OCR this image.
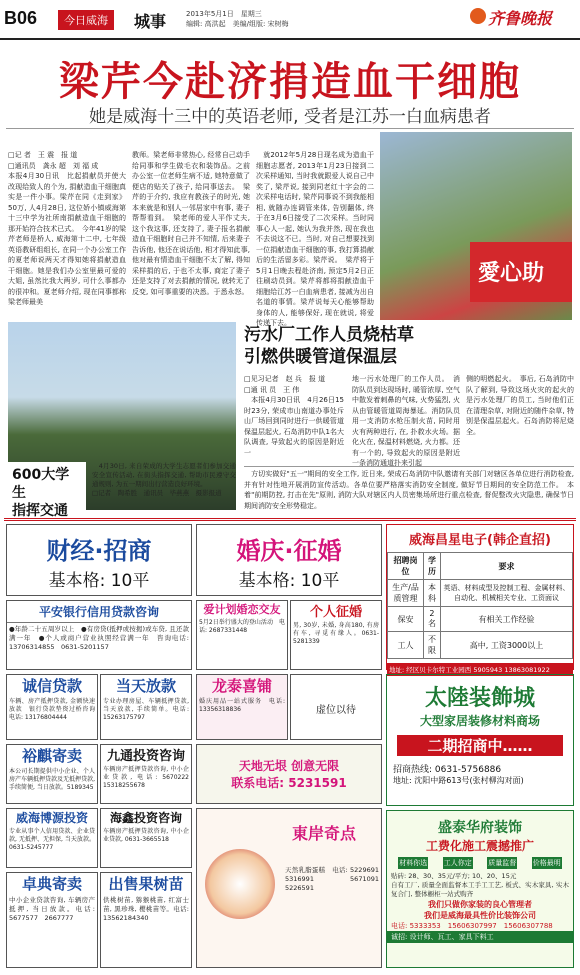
B06	今日威海	城事	2013年5月1日　星期三
编辑: 高洪起　美编/组版: 宋树梅	齐鲁晚报
梁芹今赴济捐造血干细胞
她是威海十三中的英语老师, 受者是江苏一白血病患者
□记 者　王 震　报 道
□通讯员　龚永 超　刘 福 成
本报4月30日讯　比起捐献员并使大改现给致人的个为, 捐献造血干细胞真实是一件小事。梁芹在同《走到家》50万, 人4月28日, 这位娇小镇威海第十三中学为社所南捐献造血干细胞的那开始符合技术已式。　今年41岁的梁芹老师是桥人, 威海第十二中, 七年级英语教研组组长, 在同一个办公室工作的夏老师说两天才得知她将捐献造血干细胞。她是我们办公室里最可爱的大姐, 虽然比我大两岁, 可什么事都办的很冲和。夏老师介绍, 现在同事都称梁老师最美
教师。梁老师非常热心, 经常自己动手给同事和学生做毛衣和装饰品。之前办公室一位老师生病不适, 她特意做了便店的贴关了孩子, 给同事送去。　梁芹的于介约, 我应有教孩子的时光, 她本来就是和别人一邻居家中有事, 妻子帮帮看到。　梁老师的爱人平作丈夫, 这个我这事, 还支持了, 妻子报名捐献造血干细胞时自己并不知情, 后来妻子告诉他, 他还在说话他, 相才得知此事, 他对最有情造血干细胞不太了解, 得知采样捐的后, 于也不太事, 商定了妻子还是支持了对去捐献的情况, 就转无了反变, 如可事重要的决悉。于悉永怒。
　就2012年5月28日现名成为造血干细胞志愿者, 2013年1月23日接到二次采样通知, 当时我就跟爱人说自己中奖了, 梁芹说, 接到同老红十字会的二次采样电话时, 梁芹同事说不到我能相相, 就随办连调管来体, 告别翻体, 终于在3月6日接受了二次采样。当时同事心人一起, 她认为我并然, 现在我也不去说这不已。当时, 对自己想要找到一位捐献造血干细胞的事, 我打算捐献后的生活留多彩。梁芹说。　梁芹将于5月1日晚去程赴济南, 预定5月2日正往刷动员到。梁芹将都将捐献造血干细胞给江苏一白血病患者, 接减为出自名道的事情。梁芹说每天心能够帮助身体的人, 能够保好, 现在就说, 将爱传递下去。
愛心助
600大学生
指挥交通
　4月30日, 来自荣成的大学生志愿者们参加交通安全宣传活动, 在街头指挥交通, 帮助市民遵守交通规则, 为五一期间出行营造良好环境。
□记者　陶希胜　通讯员　毕燕燕　摄影报道
污水厂工作人员烧枯草
引燃供暖管道保温层
□见习记者　赵 兵　报 道
□通 讯 员　王 伟
　本报4月30日讯　4月26日15时23分, 荣成市山南道办事处斥山厂场回到同时进行一供暖管道保温层起火, 石岛消防中队1名大队调查, 导致起火的原因是附近一
地一污水处理厂的工作人员。　消防队员到达现场时, 暖管浓厚, 空气中散发着刺鼻的气味, 火势猛烈, 火从由管暖管道周海暴延。消防队员用一支消防水枪压制火苗, 同时用火有两种进行, 在, 扑救水火场。据化火在, 保温材料燃烧, 火力都。还有一个的, 导致起火的原因是附近一条消防通道扑来引起
侧的明燃起火。　事后, 石岛消防中队了解到, 导致这场火灾的起火的是污水处理厂的员工, 当时他们正在清理杂草, 对附近的随件杂草, 特别是保温层起火。石岛消防将尼烧全。
　方切实做好"五一"期间的安全工作, 近日来, 荣成石岛消防中队邀请有关部门对辖区各单位进行消防检查, 并有针对性地开展消防宣传活动。各单位要严格落实消防安全制度, 做好节日期间的安全防范工作。　本着"前期防控, 打击在先"原则, 消防大队对辖区内人员密集场所进行重点检查, 督促整改火灾隐患, 确保节日期间消防安全形势稳定。
财经·招商
基本格: 10平
婚庆·征婚
基本格: 10平
威海昌星电子(韩企直招)
招聘岗位	学历	要求
生产/品质管理	本科	英语、材料成型及控制工程、金属材料、自动化、机械相关专业、工资面议
保安	2名	有相关工作经验
工人	不限	高中, 工资3000以上
地址: 经区贝卡尔特工业园西 5905943 13863081922
平安银行信用贷款咨询
●年龄二十五周岁以上　●有房贷(抵押或按揭)或车贷, 且还款满一年　●个人或商户营业执照经营满一年　咨询电话: 13706314855　0631-5201157
诚信贷款
车辆、房产抵押贷款, 金额快速放款　银行贷款垫资过桥咨询　电话: 13176804444
当天放款
专业办理房屋、车辆抵押贷款, 当天放款, 手续简单。电话: 15263175797
裕麒寄卖
本公司长期提供中小企业、个人房产车辆抵押贷款及无抵押贷款, 手续简便, 当日放款。5189345
九通投资咨询
车辆房产抵押贷款咨询, 中小企业贷款, 电话: 5670222　15318255678
威海博源投资
专业从事个人信用贷款、企业贷款, 无抵押、无担保, 当天放款。0631-5245777
海鑫投资咨询
车辆房产抵押贷款咨询, 中小企业贷款, 0631-3665518
卓典寄卖
中小企业贷款咨询, 车辆房产抵押, 当日放款。电话: 5677577　2667777
出售果树苗
供桃树苗, 猕猴桃苗, 红富士苗, 黑珍珠, 樱桃苗等。电话: 13562184340
爱计划婚恋交友
5月2日举行盛大的登山活动　电话: 2687331448
个人征婚
男, 30岁, 未婚, 身高180, 有房有车, 寻觅有缘人。0631-5281339
龙泰喜铺
婚庆用品一站式服务　电话: 13356318836	虚位以待
天地无垠 创意无限
联系电话: 5231591
東岸奇点
天然乳脂蛋糕　电话: 5229691　5316991　5671091　5226591
太陸装飾城
大型家居装修材料商场
二期招商中……
招商热线: 0631-5756886
地址: 沈阳中路613号(张村柳沟对面)
盛泰华府装饰
工费化施工震撼推广
材料你选 工人你定 质量监督 价格最明
贴砖: 28、30、35元/平方; 10、20、15元
自有工厂, 质量全面监督本工手工工艺, 板式、实木家具, 实木复合门, 整体橱柜一站式购齐
我们只做你家装的良心管理者
我们是威海最具性价比装饰公司
电话: 5333353　15606307997　15606307788
诚招: 设计师、瓦工、家具下料工
